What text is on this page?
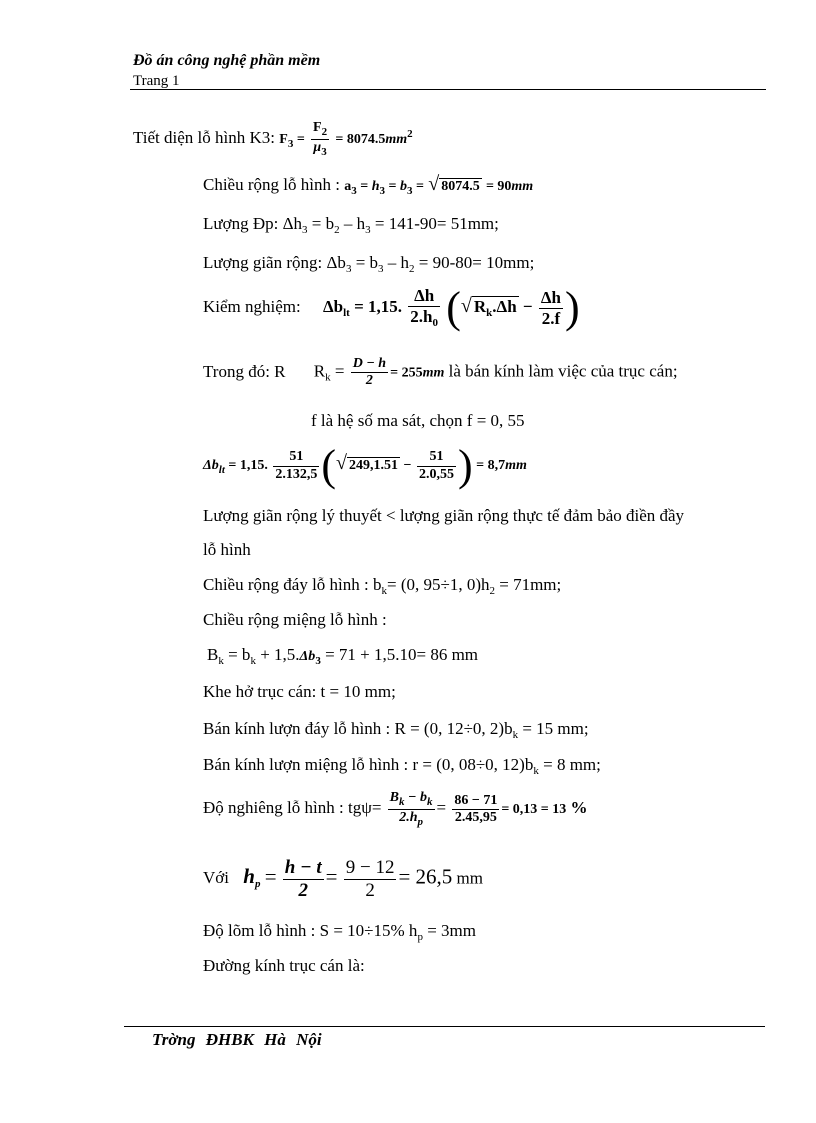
Đồ án công nghệ phần mềm
Trang 1
Tiết diện lỗ hình K3: $F_3 = \frac{F_2}{\mu_3} = 8074.5mm^2$
Chiều rộng lỗ hình : $a_3 = h_3 = b_3$ = √ 8074.5 = 90mm
Lượng Đp: $\Delta h_3 = b_2 - h_3 = 141-90= 51mm$;
Lượng giãn rộng: $\Delta b_3 = b_3 - h_2 = 90-80= 10mm$;
Kiểm nghiệm: $\Delta b_{lt} = 1,15$. $\frac{\Delta h}{2.h_0}$ (√ $R_k.\Delta h - \frac{\Delta h}{2.f}$ )
Trong đó: R $R_k = \frac{D - h}{2} = 255mm$ là bán kính làm việc của trục cán;
f là hệ số ma sát, chọn f = 0, 55
$\Delta b_{lt} = 1,15$. $\frac{51}{2.132,5}$ (√ $249,1.51 - \frac{51}{2.0,55}$ ) = 8,7mm
Lượng giãn rộng lý thuyết < lượng giãn rộng thực tế đảm bảo điền đầy
lỗ hình
Chiều rộng đáy lỗ hình : $b_k= (0$, 95÷1, $0)h_2 = 71mm$;
Chiều rộng miệng lỗ hình :
$B_k = b_k + 1,5.\Delta b_3 = 71 + 1,5.10= 86$ mm
Khe hở trục cán: t = 10 mm;
Bán kính lượn đáy lỗ hình : R = (0, 12÷0, $2)b_k = 15$ mm;
Bán kính lượn miệng lỗ hình : r = (0, 08÷0, $12)b_k = 8$ mm;
Độ nghiêng lỗ hình : $tg\psi= \frac{B_k - b_k}{2.h_p} = \frac{86 - 71}{2.45,95} = 0,13 = 13$ %
Với $h_p = \frac{h - t}{2} = \frac{9 - 12}{2} = 26,5$ mm
Độ lõm lỗ hình : S = 10÷15% $h_p = 3mm$
Đường kính trục cán là:
Trờng ĐHBK Hà Nội
